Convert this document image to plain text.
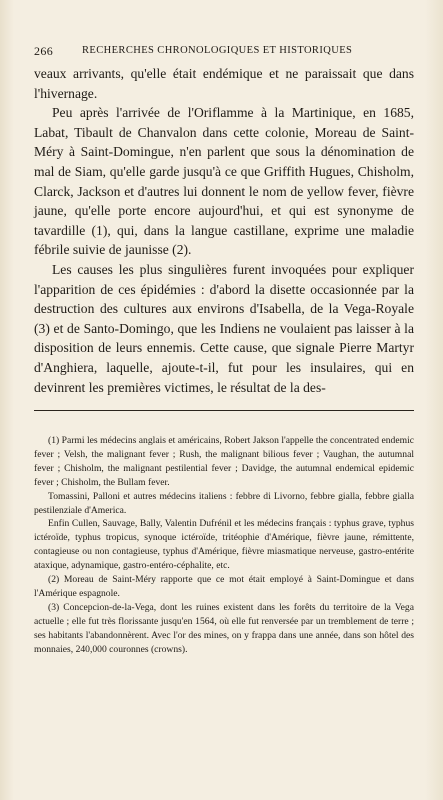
266	RECHERCHES CHRONOLOGIQUES ET HISTORIQUES

veaux arrivants, qu'elle était endémique et ne paraissait que dans l'hivernage.

Peu après l'arrivée de l'Oriflamme à la Martinique, en 1685, Labat, Tibault de Chanvalon dans cette colonie, Moreau de Saint-Méry à Saint-Domingue, n'en parlent que sous la dénomination de mal de Siam, qu'elle garde jusqu'à ce que Griffith Hugues, Chisholm, Clarck, Jackson et d'autres lui donnent le nom de yellow fever, fièvre jaune, qu'elle porte encore aujourd'hui, et qui est synonyme de tavardille (1), qui, dans la langue castillane, exprime une maladie fébrile suivie de jaunisse (2).

Les causes les plus singulières furent invoquées pour expliquer l'apparition de ces épidémies : d'abord la disette occasionnée par la destruction des cultures aux environs d'Isabella, de la Vega-Royale (3) et de Santo-Domingo, que les Indiens ne voulaient pas laisser à la disposition de leurs ennemis. Cette cause, que signale Pierre Martyr d'Anghiera, laquelle, ajoute-t-il, fut pour les insulaires, qui en devinrent les premières victimes, le résultat de la des-

(1) Parmi les médecins anglais et américains, Robert Jakson l'appelle the concentrated endemic fever ; Velsh, the malignant fever ; Rush, the malignant bilious fever ; Vaughan, the autumnal fever ; Chisholm, the malignant pestilential fever ; Davidge, the autumnal endemical epidemic fever ; Chisholm, the Bullam fever.

Tomassini, Palloni et autres médecins italiens : febbre di Livorno, febbre gialla, febbre gialla pestilenziale d'America.

Enfin Cullen, Sauvage, Bally, Valentin Dufrénil et les médecins français : typhus grave, typhus ictéroïde, typhus tropicus, synoque ictéroïde, tritéophie d'Amérique, fièvre jaune, rémittente, contagieuse ou non contagieuse, typhus d'Amérique, fièvre miasmatique nerveuse, gastro-entérite ataxique, adynamique, gastro-entéro-céphalite, etc.

(2) Moreau de Saint-Méry rapporte que ce mot était employé à Saint-Domingue et dans l'Amérique espagnole.

(3) Concepcion-de-la-Vega, dont les ruines existent dans les forêts du territoire de la Vega actuelle ; elle fut très florissante jusqu'en 1564, où elle fut renversée par un tremblement de terre ; ses habitants l'abandonnèrent. Avec l'or des mines, on y frappa dans une année, dans son hôtel des monnaies, 240,000 couronnes (crowns).
